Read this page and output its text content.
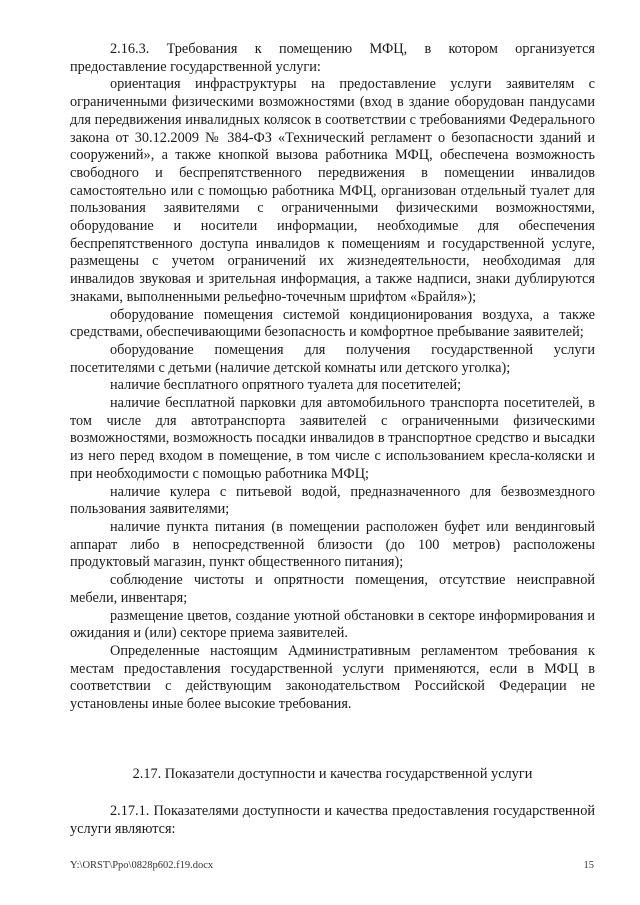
2.16.3. Требования к помещению МФЦ, в котором организуется предоставление государственной услуги:

ориентация инфраструктуры на предоставление услуги заявителям с ограниченными физическими возможностями (вход в здание оборудован пандусами для передвижения инвалидных колясок в соответствии с требованиями Федерального закона от 30.12.2009 № 384-ФЗ «Технический регламент о безопасности зданий и сооружений», а также кнопкой вызова работника МФЦ, обеспечена возможность свободного и беспрепятственного передвижения в помещении инвалидов самостоятельно или с помощью работника МФЦ, организован отдельный туалет для пользования заявителями с ограниченными физическими возможностями, оборудование и носители информации, необходимые для обеспечения беспрепятственного доступа инвалидов к помещениям и государственной услуге, размещены с учетом ограничений их жизнедеятельности, необходимая для инвалидов звуковая и зрительная информация, а также надписи, знаки дублируются знаками, выполненными рельефно-точечным шрифтом «Брайля»);

оборудование помещения системой кондиционирования воздуха, а также средствами, обеспечивающими безопасность и комфортное пребывание заявителей;

оборудование помещения для получения государственной услуги посетителями с детьми (наличие детской комнаты или детского уголка);

наличие бесплатного опрятного туалета для посетителей;

наличие бесплатной парковки для автомобильного транспорта посетителей, в том числе для автотранспорта заявителей с ограниченными физическими возможностями, возможность посадки инвалидов в транспортное средство и высадки из него перед входом в помещение, в том числе с использованием кресла-коляски и при необходимости с помощью работника МФЦ;

наличие кулера с питьевой водой, предназначенного для безвозмездного пользования заявителями;

наличие пункта питания (в помещении расположен буфет или вендинговый аппарат либо в непосредственной близости (до 100 метров) расположены продуктовый магазин, пункт общественного питания);

соблюдение чистоты и опрятности помещения, отсутствие неисправной мебели, инвентаря;

размещение цветов, создание уютной обстановки в секторе информирования и ожидания и (или) секторе приема заявителей.

Определенные настоящим Административным регламентом требования к местам предоставления государственной услуги применяются, если в МФЦ в соответствии с действующим законодательством Российской Федерации не установлены иные более высокие требования.

2.17. Показатели доступности и качества государственной услуги

2.17.1. Показателями доступности и качества предоставления государственной услуги являются:

Y:\ORST\Ppo\0828p602.f19.docx	15
